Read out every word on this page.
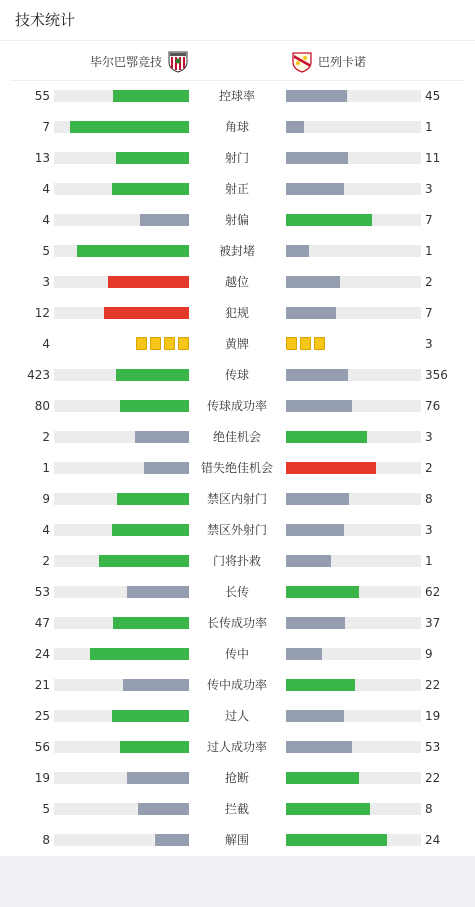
技术统计
毕尔巴鄂竞技	巴列卡诺
55	控球率	45
7	角球	1
13	射门	11
4	射正	3
4	射偏	7
5	被封堵	1
3	越位	2
12	犯规	7
4	黄牌	3
423	传球	356
80	传球成功率	76
2	绝佳机会	3
1	错失绝佳机会	2
9	禁区内射门	8
4	禁区外射门	3
2	门将扑救	1
53	长传	62
47	长传成功率	37
24	传中	9
21	传中成功率	22
25	过人	19
56	过人成功率	53
19	抢断	22
5	拦截	8
8	解围	24
